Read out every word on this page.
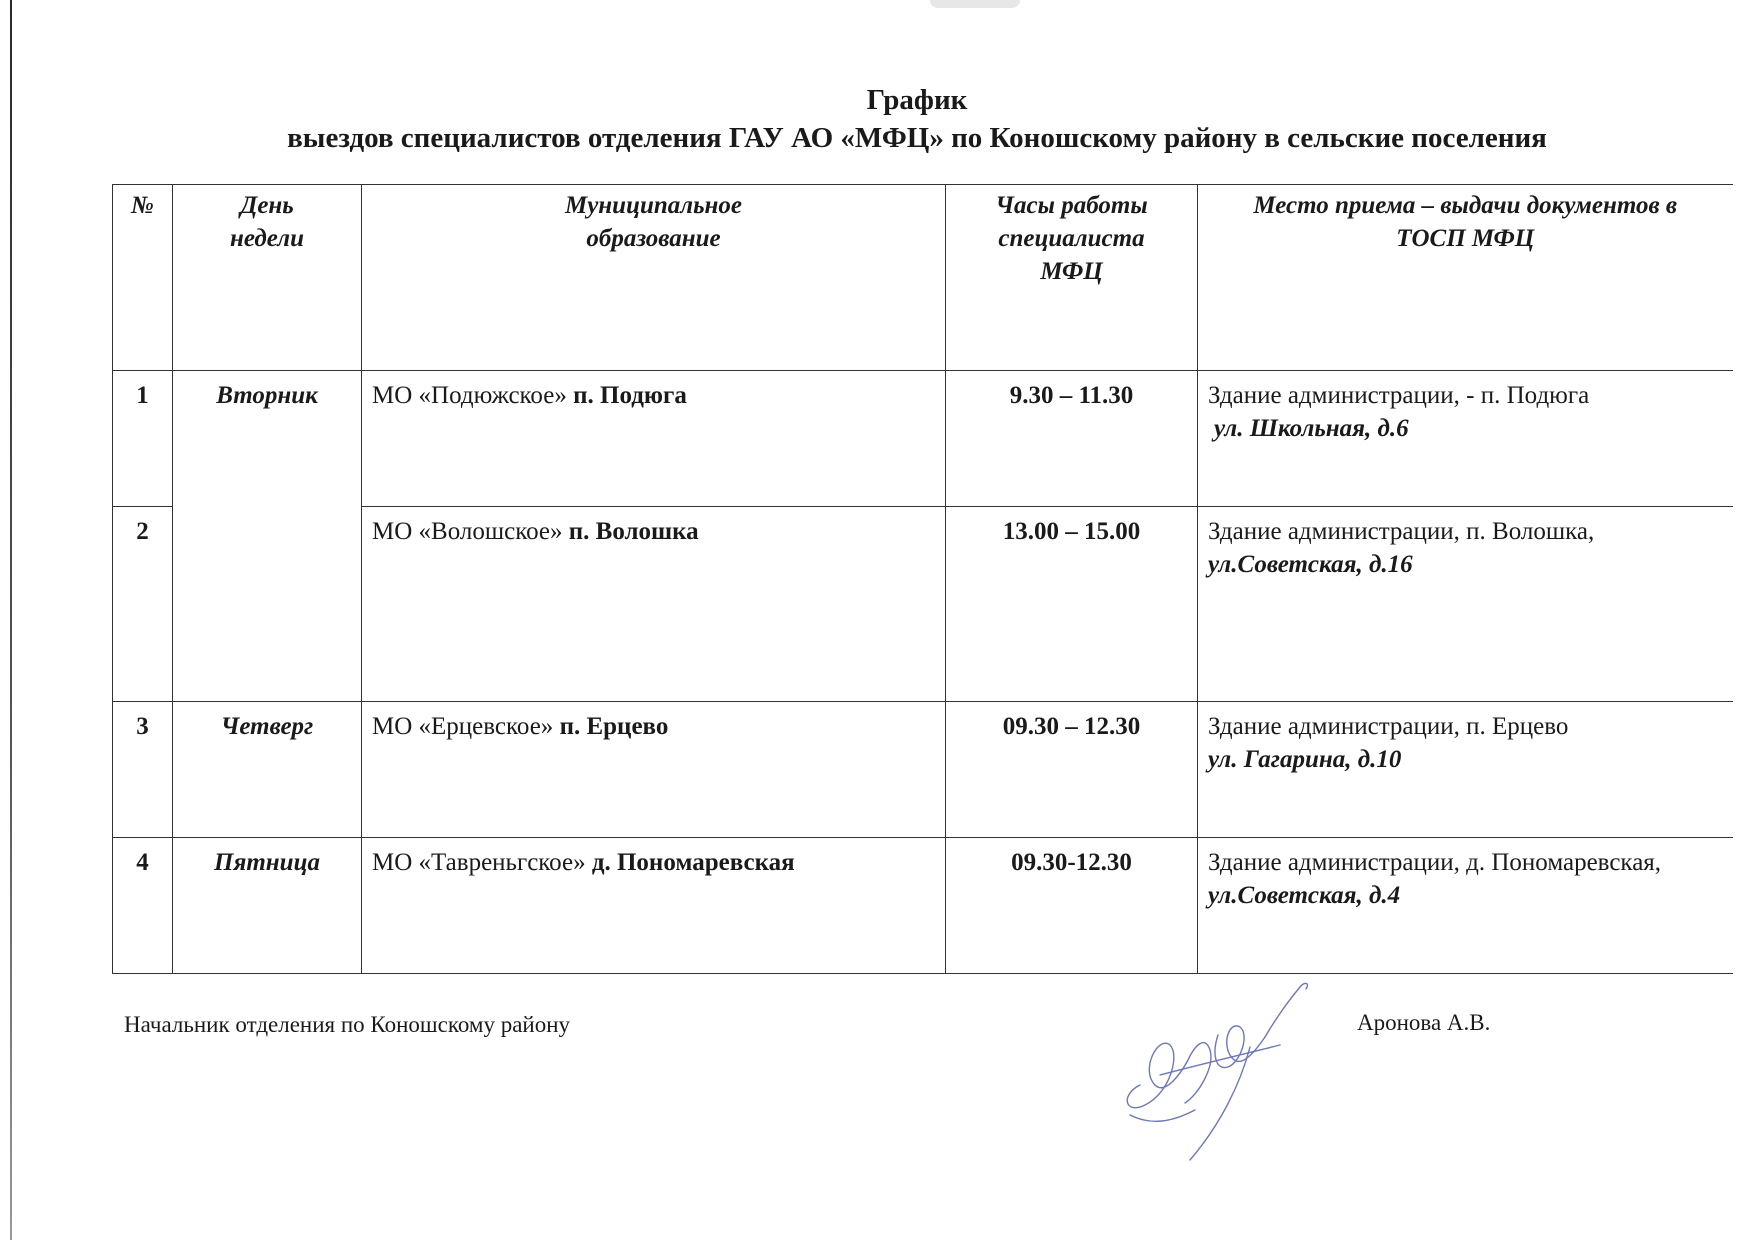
График
выездов специалистов отделения ГАУ АО «МФЦ» по Коношскому району в сельские поселения
№	День недели	Муниципальное образование	Часы работы специалиста МФЦ	Место приема – выдачи документов в ТОСП МФЦ
1	Вторник	МО «Подюжское» п. Подюга	9.30 – 11.30	Здание администрации, - п. Подюга
ул. Школьная, д.6

2		МО «Волошское» п. Волошка	13.00 – 15.00	Здание администрации, п. Волошка,
ул.Советская, д.16

3	Четверг	МО «Ерцевское» п. Ерцево	09.30 – 12.30	Здание администрации, п. Ерцево
ул. Гагарина, д.10

4	Пятница	МО «Тавреньгское» д. Пономаревская	09.30-12.30	Здание администрации, д. Пономаревская, ул.Советская, д.4
Начальник отделения по Коношскому району	Аронова А.В.
